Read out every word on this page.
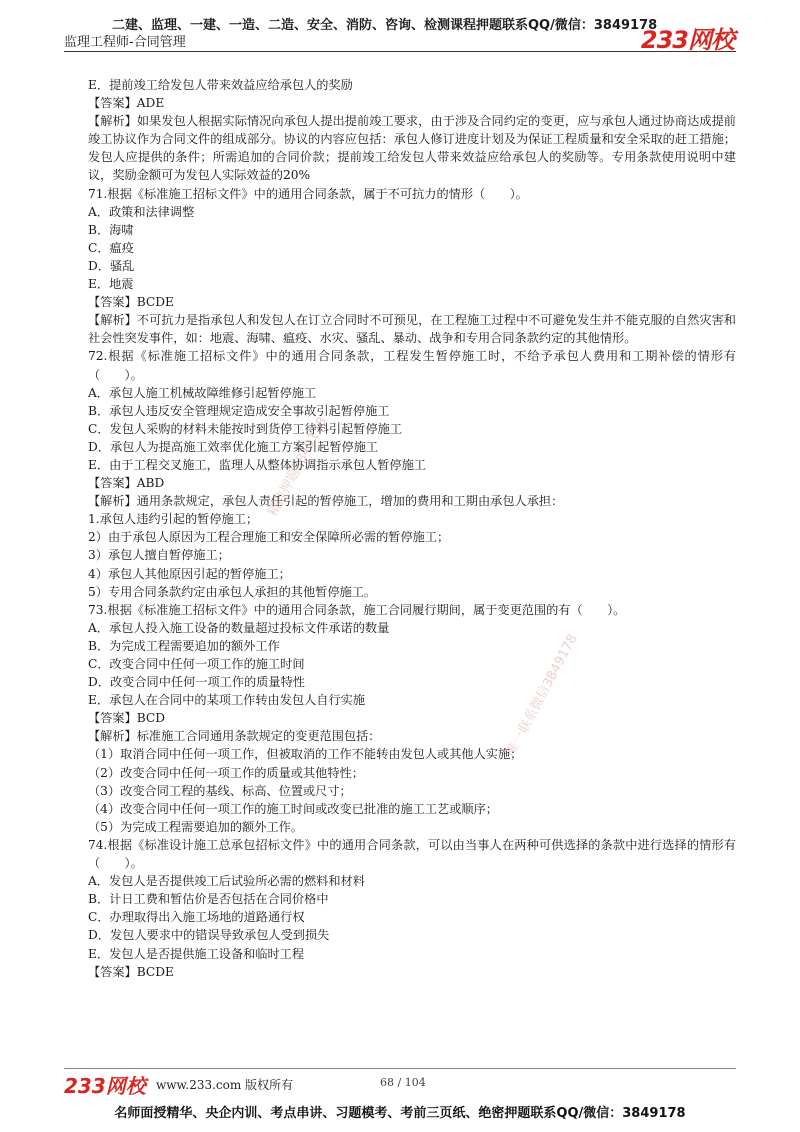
二建、监理、一建、一造、二造、安全、消防、咨询、检测课程押题联系QQ/微信：3849178
监理工程师-合同管理	233网校
精准押题3849178
唯一联系微信3849178

E．提前竣工给发包人带来效益应给承包人的奖励

【答案】ADE

【解析】如果发包人根据实际情况向承包人提出提前竣工要求，由于涉及合同约定的变更，应与承包人通过协商达成提前竣工协议作为合同文件的组成部分。协议的内容应包括：承包人修订进度计划及为保证工程质量和安全采取的赶工措施；发包人应提供的条件；所需追加的合同价款；提前竣工给发包人带来效益应给承包人的奖励等。专用条款使用说明中建议，奖励金额可为发包人实际效益的20%

71.根据《标准施工招标文件》中的通用合同条款，属于不可抗力的情形（　　）。

A．政策和法律调整

B．海啸

C．瘟疫

D．骚乱

E．地震

【答案】BCDE

【解析】不可抗力是指承包人和发包人在订立合同时不可预见，在工程施工过程中不可避免发生并不能克服的自然灾害和社会性突发事件，如：地震、海啸、瘟疫、水灾、骚乱、暴动、战争和专用合同条款约定的其他情形。

72.根据《标准施工招标文件》中的通用合同条款，工程发生暂停施工时，不给予承包人费用和工期补偿的情形有（　　）。

A．承包人施工机械故障维修引起暂停施工

B．承包人违反安全管理规定造成安全事故引起暂停施工

C．发包人采购的材料未能按时到货停工待料引起暂停施工

D．承包人为提高施工效率优化施工方案引起暂停施工

E．由于工程交叉施工，监理人从整体协调指示承包人暂停施工

【答案】ABD

【解析】通用条款规定，承包人责任引起的暂停施工，增加的费用和工期由承包人承担：

1.承包人违约引起的暂停施工；

2）由于承包人原因为工程合理施工和安全保障所必需的暂停施工；

3）承包人擅自暂停施工；

4）承包人其他原因引起的暂停施工；

5）专用合同条款约定由承包人承担的其他暂停施工。

73.根据《标准施工招标文件》中的通用合同条款，施工合同履行期间，属于变更范围的有（　　）。

A．承包人投入施工设备的数量超过投标文件承诺的数量

B．为完成工程需要追加的额外工作

C．改变合同中任何一项工作的施工时间

D．改变合同中任何一项工作的质量特性

E．承包人在合同中的某项工作转由发包人自行实施

【答案】BCD

【解析】标准施工合同通用条款规定的变更范围包括：

（1）取消合同中任何一项工作，但被取消的工作不能转由发包人或其他人实施；

（2）改变合同中任何一项工作的质量或其他特性；

（3）改变合同工程的基线、标高、位置或尺寸；

（4）改变合同中任何一项工作的施工时间或改变已批准的施工工艺或顺序；

（5）为完成工程需要追加的额外工作。

74.根据《标准设计施工总承包招标文件》中的通用合同条款，可以由当事人在两种可供选择的条款中进行选择的情形有（　　）。

A．发包人是否提供竣工后试验所必需的燃料和材料

B．计日工费和暂估价是否包括在合同价格中

C．办理取得出入施工场地的道路通行权

D．发包人要求中的错误导致承包人受到损失

E．发包人是否提供施工设备和临时工程

【答案】BCDE

233网校 www.233.com 版权所有	68 / 104
名师面授精华、央企内训、考点串讲、习题模考、考前三页纸、绝密押题联系QQ/微信：3849178
